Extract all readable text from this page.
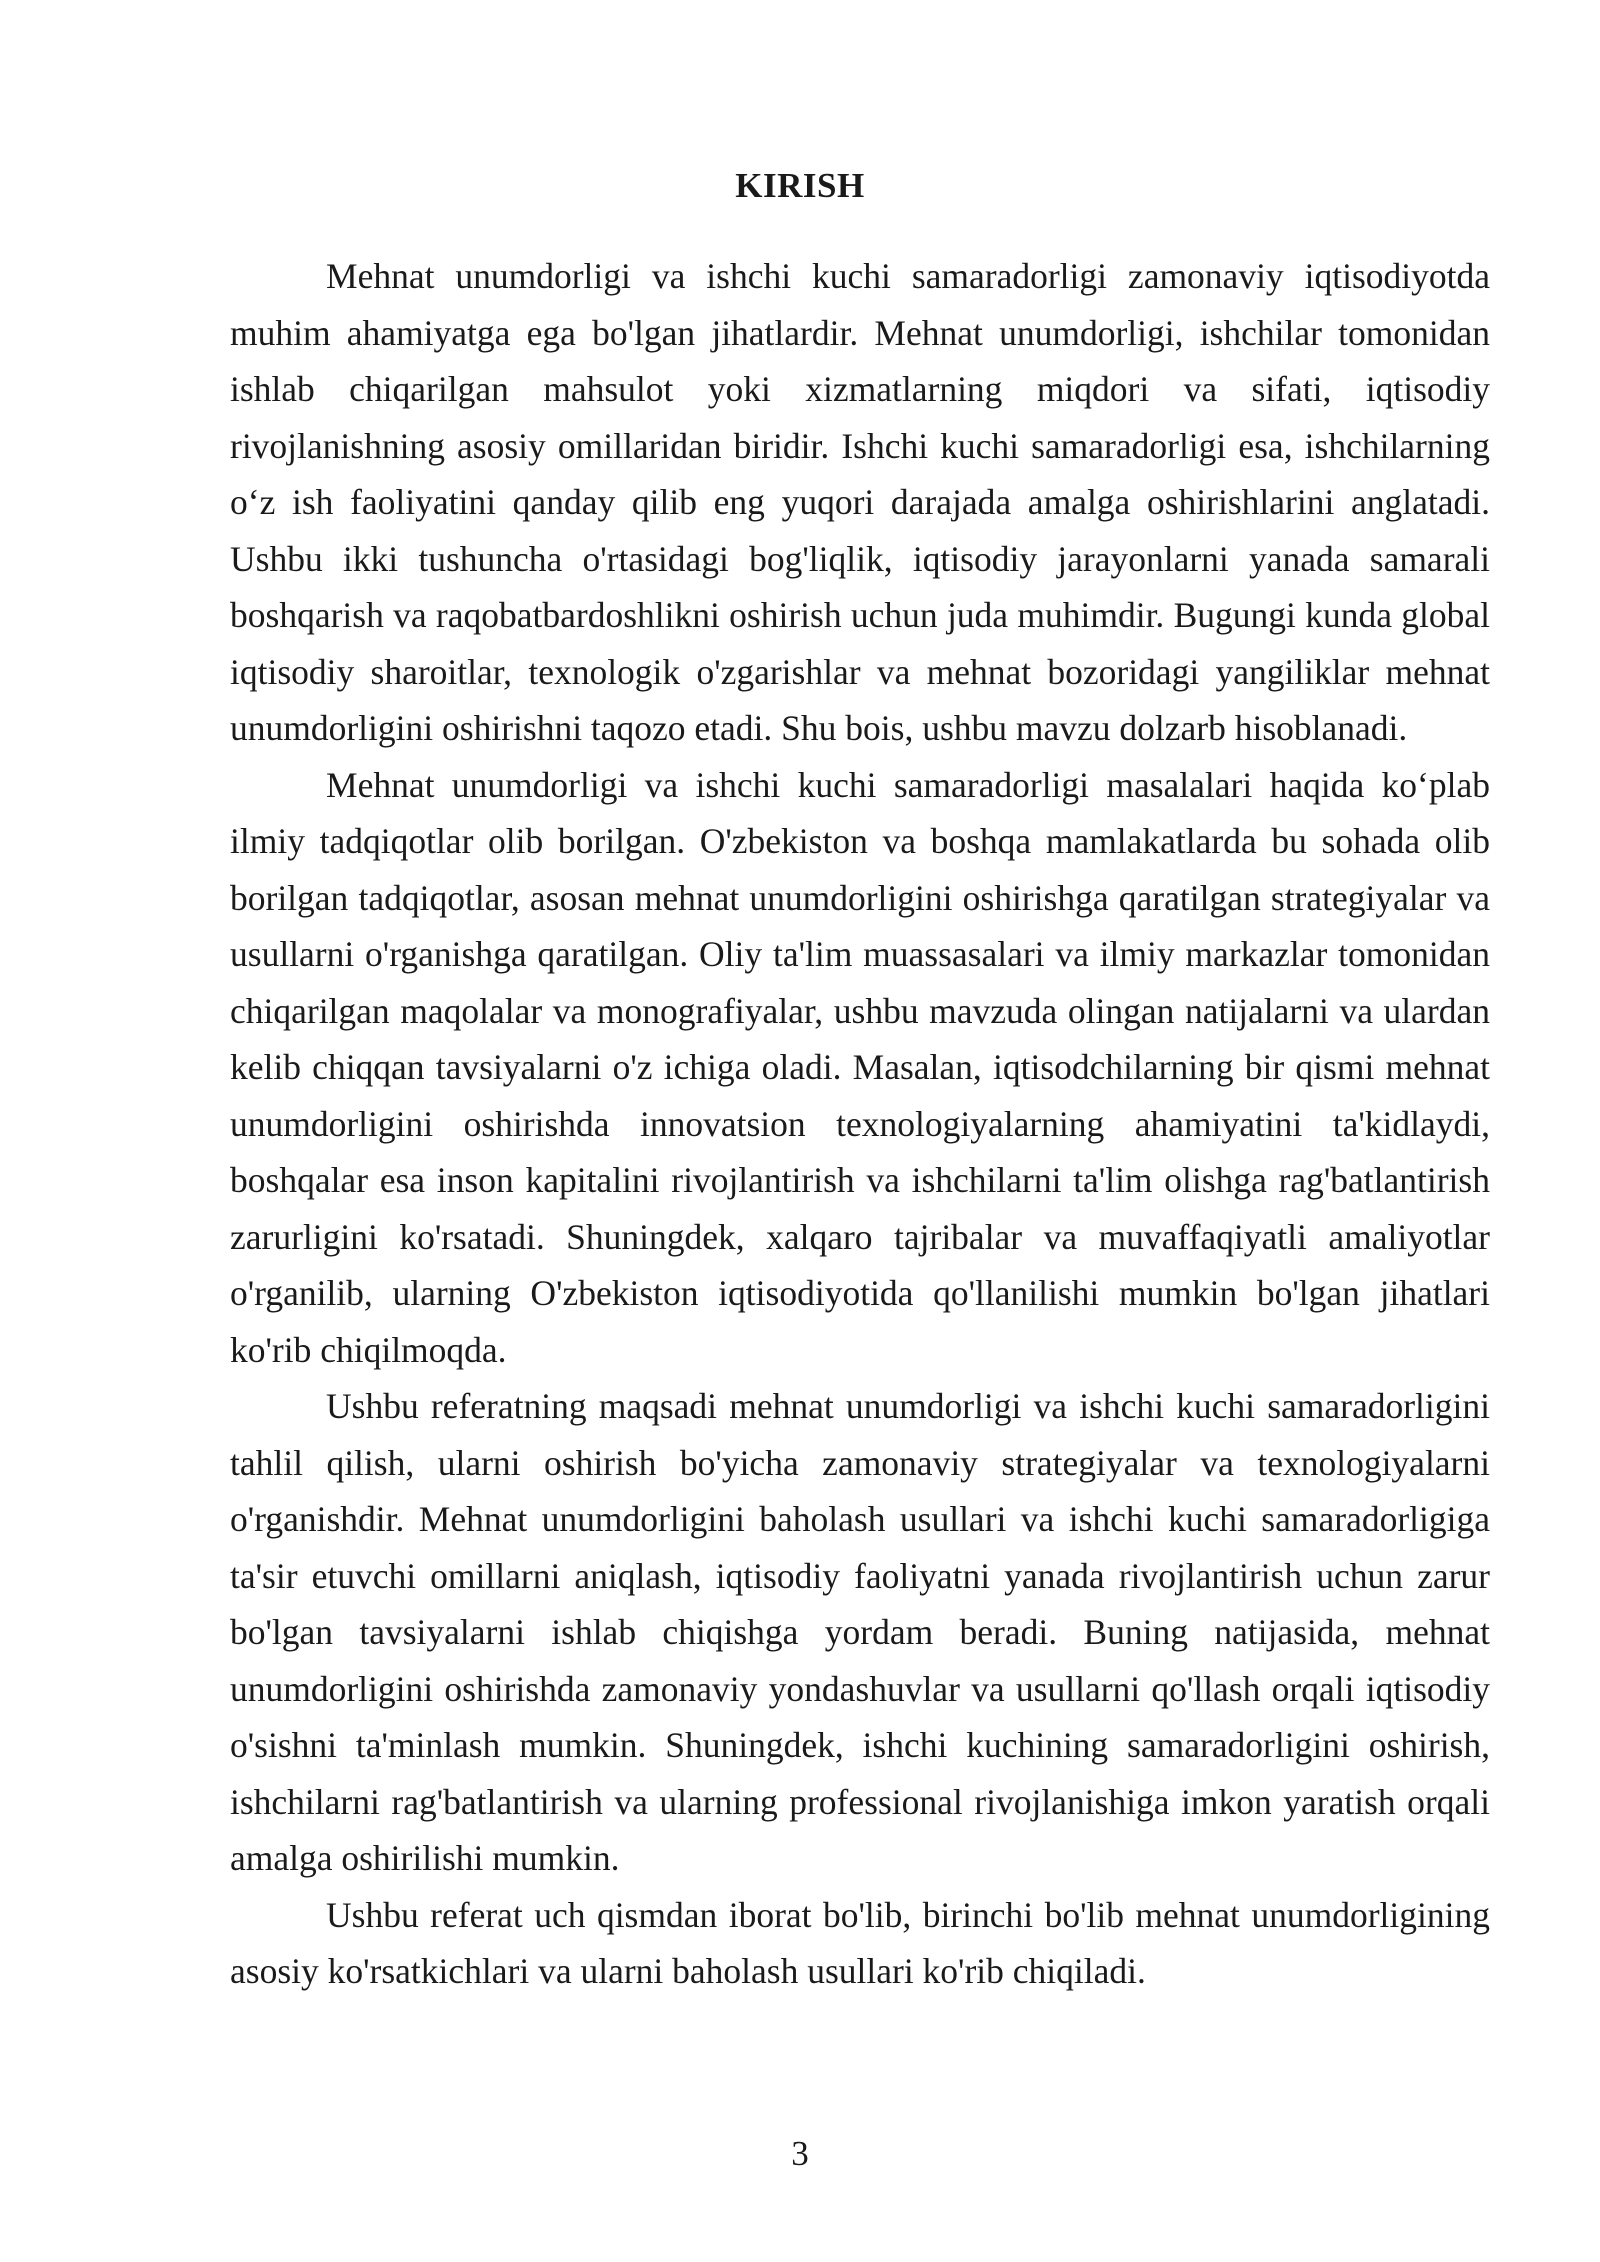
KIRISH

Mehnat unumdorligi va ishchi kuchi samaradorligi zamonaviy iqtisodiyotda muhim ahamiyatga ega bo'lgan jihatlardir. Mehnat unumdorligi, ishchilar tomonidan ishlab chiqarilgan mahsulot yoki xizmatlarning miqdori va sifati, iqtisodiy rivojlanishning asosiy omillaridan biridir. Ishchi kuchi samaradorligi esa, ishchilarning o‘z ish faoliyatini qanday qilib eng yuqori darajada amalga oshirishlarini anglatadi. Ushbu ikki tushuncha o'rtasidagi bog'liqlik, iqtisodiy jarayonlarni yanada samarali boshqarish va raqobatbardoshlikni oshirish uchun juda muhimdir. Bugungi kunda global iqtisodiy sharoitlar, texnologik o'zgarishlar va mehnat bozoridagi yangiliklar mehnat unumdorligini oshirishni taqozo etadi. Shu bois, ushbu mavzu dolzarb hisoblanadi.

Mehnat unumdorligi va ishchi kuchi samaradorligi masalalari haqida ko‘plab ilmiy tadqiqotlar olib borilgan. O'zbekiston va boshqa mamlakatlarda bu sohada olib borilgan tadqiqotlar, asosan mehnat unumdorligini oshirishga qaratilgan strategiyalar va usullarni o'rganishga qaratilgan. Oliy ta'lim muassasalari va ilmiy markazlar tomonidan chiqarilgan maqolalar va monografiyalar, ushbu mavzuda olingan natijalarni va ulardan kelib chiqqan tavsiyalarni o'z ichiga oladi. Masalan, iqtisodchilarning bir qismi mehnat unumdorligini oshirishda innovatsion texnologiyalarning ahamiyatini ta'kidlaydi, boshqalar esa inson kapitalini rivojlantirish va ishchilarni ta'lim olishga rag'batlantirish zarurligini ko'rsatadi. Shuningdek, xalqaro tajribalar va muvaffaqiyatli amaliyotlar o'rganilib, ularning O'zbekiston iqtisodiyotida qo'llanilishi mumkin bo'lgan jihatlari ko'rib chiqilmoqda.

Ushbu referatning maqsadi mehnat unumdorligi va ishchi kuchi samaradorligini tahlil qilish, ularni oshirish bo'yicha zamonaviy strategiyalar va texnologiyalarni o'rganishdir. Mehnat unumdorligini baholash usullari va ishchi kuchi samaradorligiga ta'sir etuvchi omillarni aniqlash, iqtisodiy faoliyatni yanada rivojlantirish uchun zarur bo'lgan tavsiyalarni ishlab chiqishga yordam beradi. Buning natijasida, mehnat unumdorligini oshirishda zamonaviy yondashuvlar va usullarni qo'llash orqali iqtisodiy o'sishni ta'minlash mumkin. Shuningdek, ishchi kuchining samaradorligini oshirish, ishchilarni rag'batlantirish va ularning professional rivojlanishiga imkon yaratish orqali amalga oshirilishi mumkin.

Ushbu referat uch qismdan iborat bo'lib, birinchi bo'lib mehnat unumdorligining asosiy ko'rsatkichlari va ularni baholash usullari ko'rib chiqiladi.

3
